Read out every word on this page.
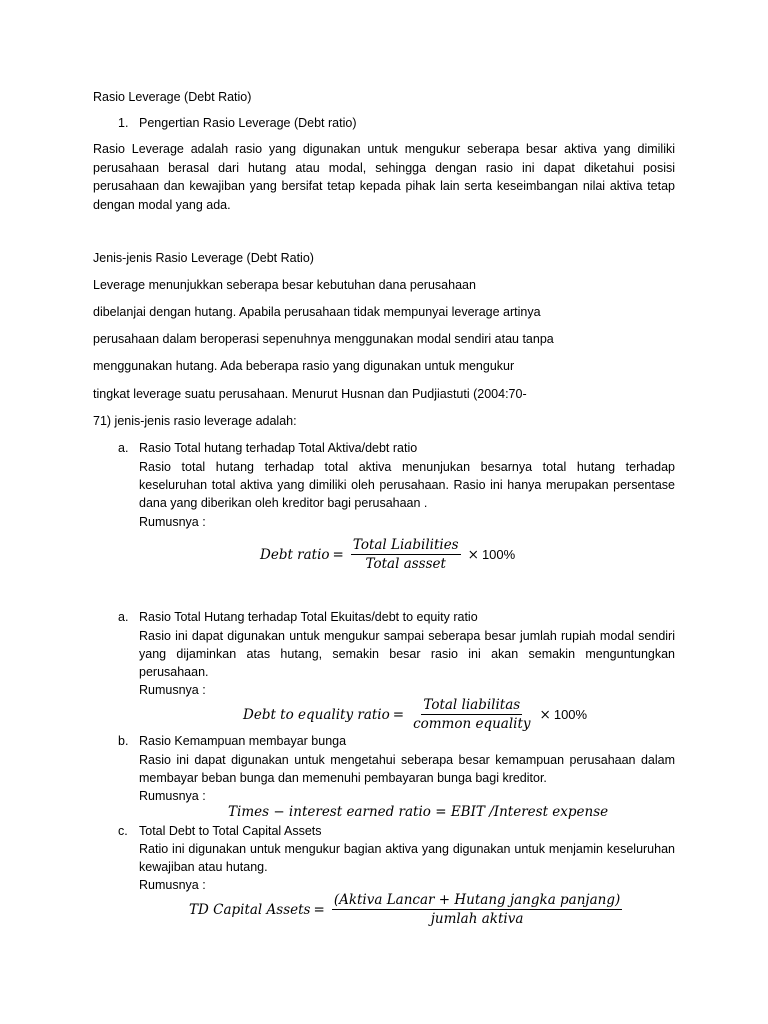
Rasio Leverage (Debt Ratio)
1. Pengertian Rasio Leverage (Debt ratio)
Rasio Leverage adalah rasio yang digunakan untuk mengukur seberapa besar aktiva yang dimiliki perusahaan berasal dari hutang atau modal, sehingga dengan rasio ini dapat diketahui posisi perusahaan dan kewajiban yang bersifat tetap kepada pihak lain serta keseimbangan nilai aktiva tetap dengan modal yang ada.
Jenis-jenis Rasio Leverage (Debt Ratio)
Leverage menunjukkan seberapa besar kebutuhan dana perusahaan
dibelanjai dengan hutang. Apabila perusahaan tidak mempunyai leverage artinya
perusahaan dalam beroperasi sepenuhnya menggunakan modal sendiri atau tanpa
menggunakan hutang. Ada beberapa rasio yang digunakan untuk mengukur
tingkat leverage suatu perusahaan. Menurut Husnan dan Pudjiastuti (2004:70-
71) jenis-jenis rasio leverage adalah:
a. Rasio Total hutang terhadap Total Aktiva/debt ratio
Rasio total hutang terhadap total aktiva menunjukan besarnya total hutang terhadap keseluruhan total aktiva yang dimiliki oleh perusahaan. Rasio ini hanya merupakan persentase dana yang diberikan oleh kreditor bagi perusahaan .
Rumusnya :
Debt ratio = $\frac{\text{Total Liabilities}}{\text{Total assset}} \times 100\%$
a. Rasio Total Hutang terhadap Total Ekuitas/debt to equity ratio
Rasio ini dapat digunakan untuk mengukur sampai seberapa besar jumlah rupiah modal sendiri yang dijaminkan atas hutang, semakin besar rasio ini akan semakin menguntungkan perusahaan.
Rumusnya :
Debt to equality ratio = $\frac{\text{Total liabilitas}}{\text{common equality}} \times 100\%$
b. Rasio Kemampuan membayar bunga
Rasio ini dapat digunakan untuk mengetahui seberapa besar kemampuan perusahaan dalam membayar beban bunga dan memenuhi pembayaran bunga bagi kreditor.
Rumusnya :
Times − interest earned ratio = EBIT /Interest expense
c. Total Debt to Total Capital Assets
Ratio ini digunakan untuk mengukur bagian aktiva yang digunakan untuk menjamin keseluruhan kewajiban atau hutang.
Rumusnya :
TD Capital Assets = $\frac{\text{(Aktiva Lancar + Hutang jangka panjang)}}{\text{jumlah aktiva}}$
